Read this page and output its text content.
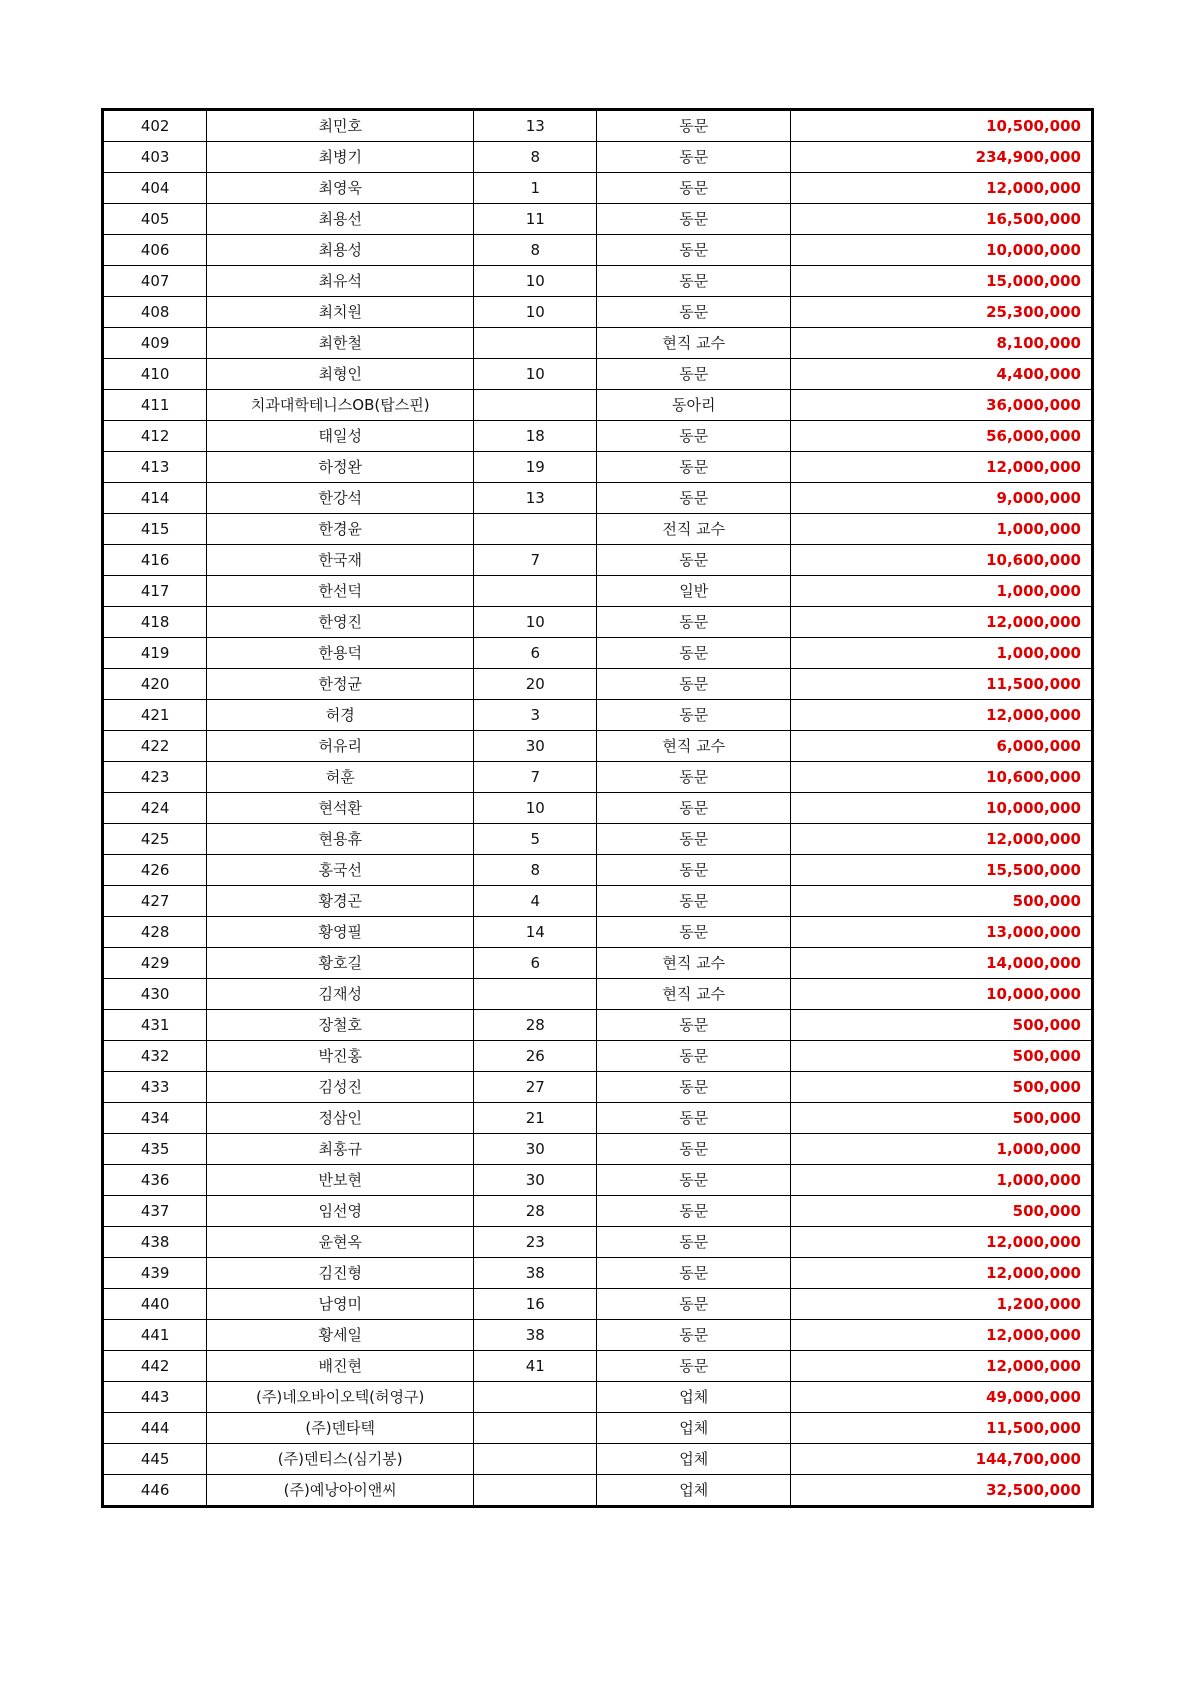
402	최민호	13	동문	10,500,000
403	최병기	8	동문	234,900,000
404	최영욱	1	동문	12,000,000
405	최용선	11	동문	16,500,000
406	최용성	8	동문	10,000,000
407	최유석	10	동문	15,000,000
408	최치원	10	동문	25,300,000
409	최한철		현직 교수	8,100,000
410	최형인	10	동문	4,400,000
411	치과대학테니스OB(탑스핀)		동아리	36,000,000
412	태일성	18	동문	56,000,000
413	하정완	19	동문	12,000,000
414	한강석	13	동문	9,000,000
415	한경윤		전직 교수	1,000,000
416	한국재	7	동문	10,600,000
417	한선덕		일반	1,000,000
418	한영진	10	동문	12,000,000
419	한용덕	6	동문	1,000,000
420	한정균	20	동문	11,500,000
421	허경	3	동문	12,000,000
422	허유리	30	현직 교수	6,000,000
423	허훈	7	동문	10,600,000
424	현석환	10	동문	10,000,000
425	현용휴	5	동문	12,000,000
426	홍국선	8	동문	15,500,000
427	황경곤	4	동문	500,000
428	황영필	14	동문	13,000,000
429	황호길	6	현직 교수	14,000,000
430	김재성		현직 교수	10,000,000
431	장철호	28	동문	500,000
432	박진홍	26	동문	500,000
433	김성진	27	동문	500,000
434	정삼인	21	동문	500,000
435	최홍규	30	동문	1,000,000
436	반보현	30	동문	1,000,000
437	임선영	28	동문	500,000
438	윤현옥	23	동문	12,000,000
439	김진형	38	동문	12,000,000
440	남영미	16	동문	1,200,000
441	황세일	38	동문	12,000,000
442	배진현	41	동문	12,000,000
443	(주)네오바이오텍(허영구)		업체	49,000,000
444	(주)덴타텍		업체	11,500,000
445	(주)덴티스(심기봉)		업체	144,700,000
446	(주)예낭아이앤씨		업체	32,500,000
